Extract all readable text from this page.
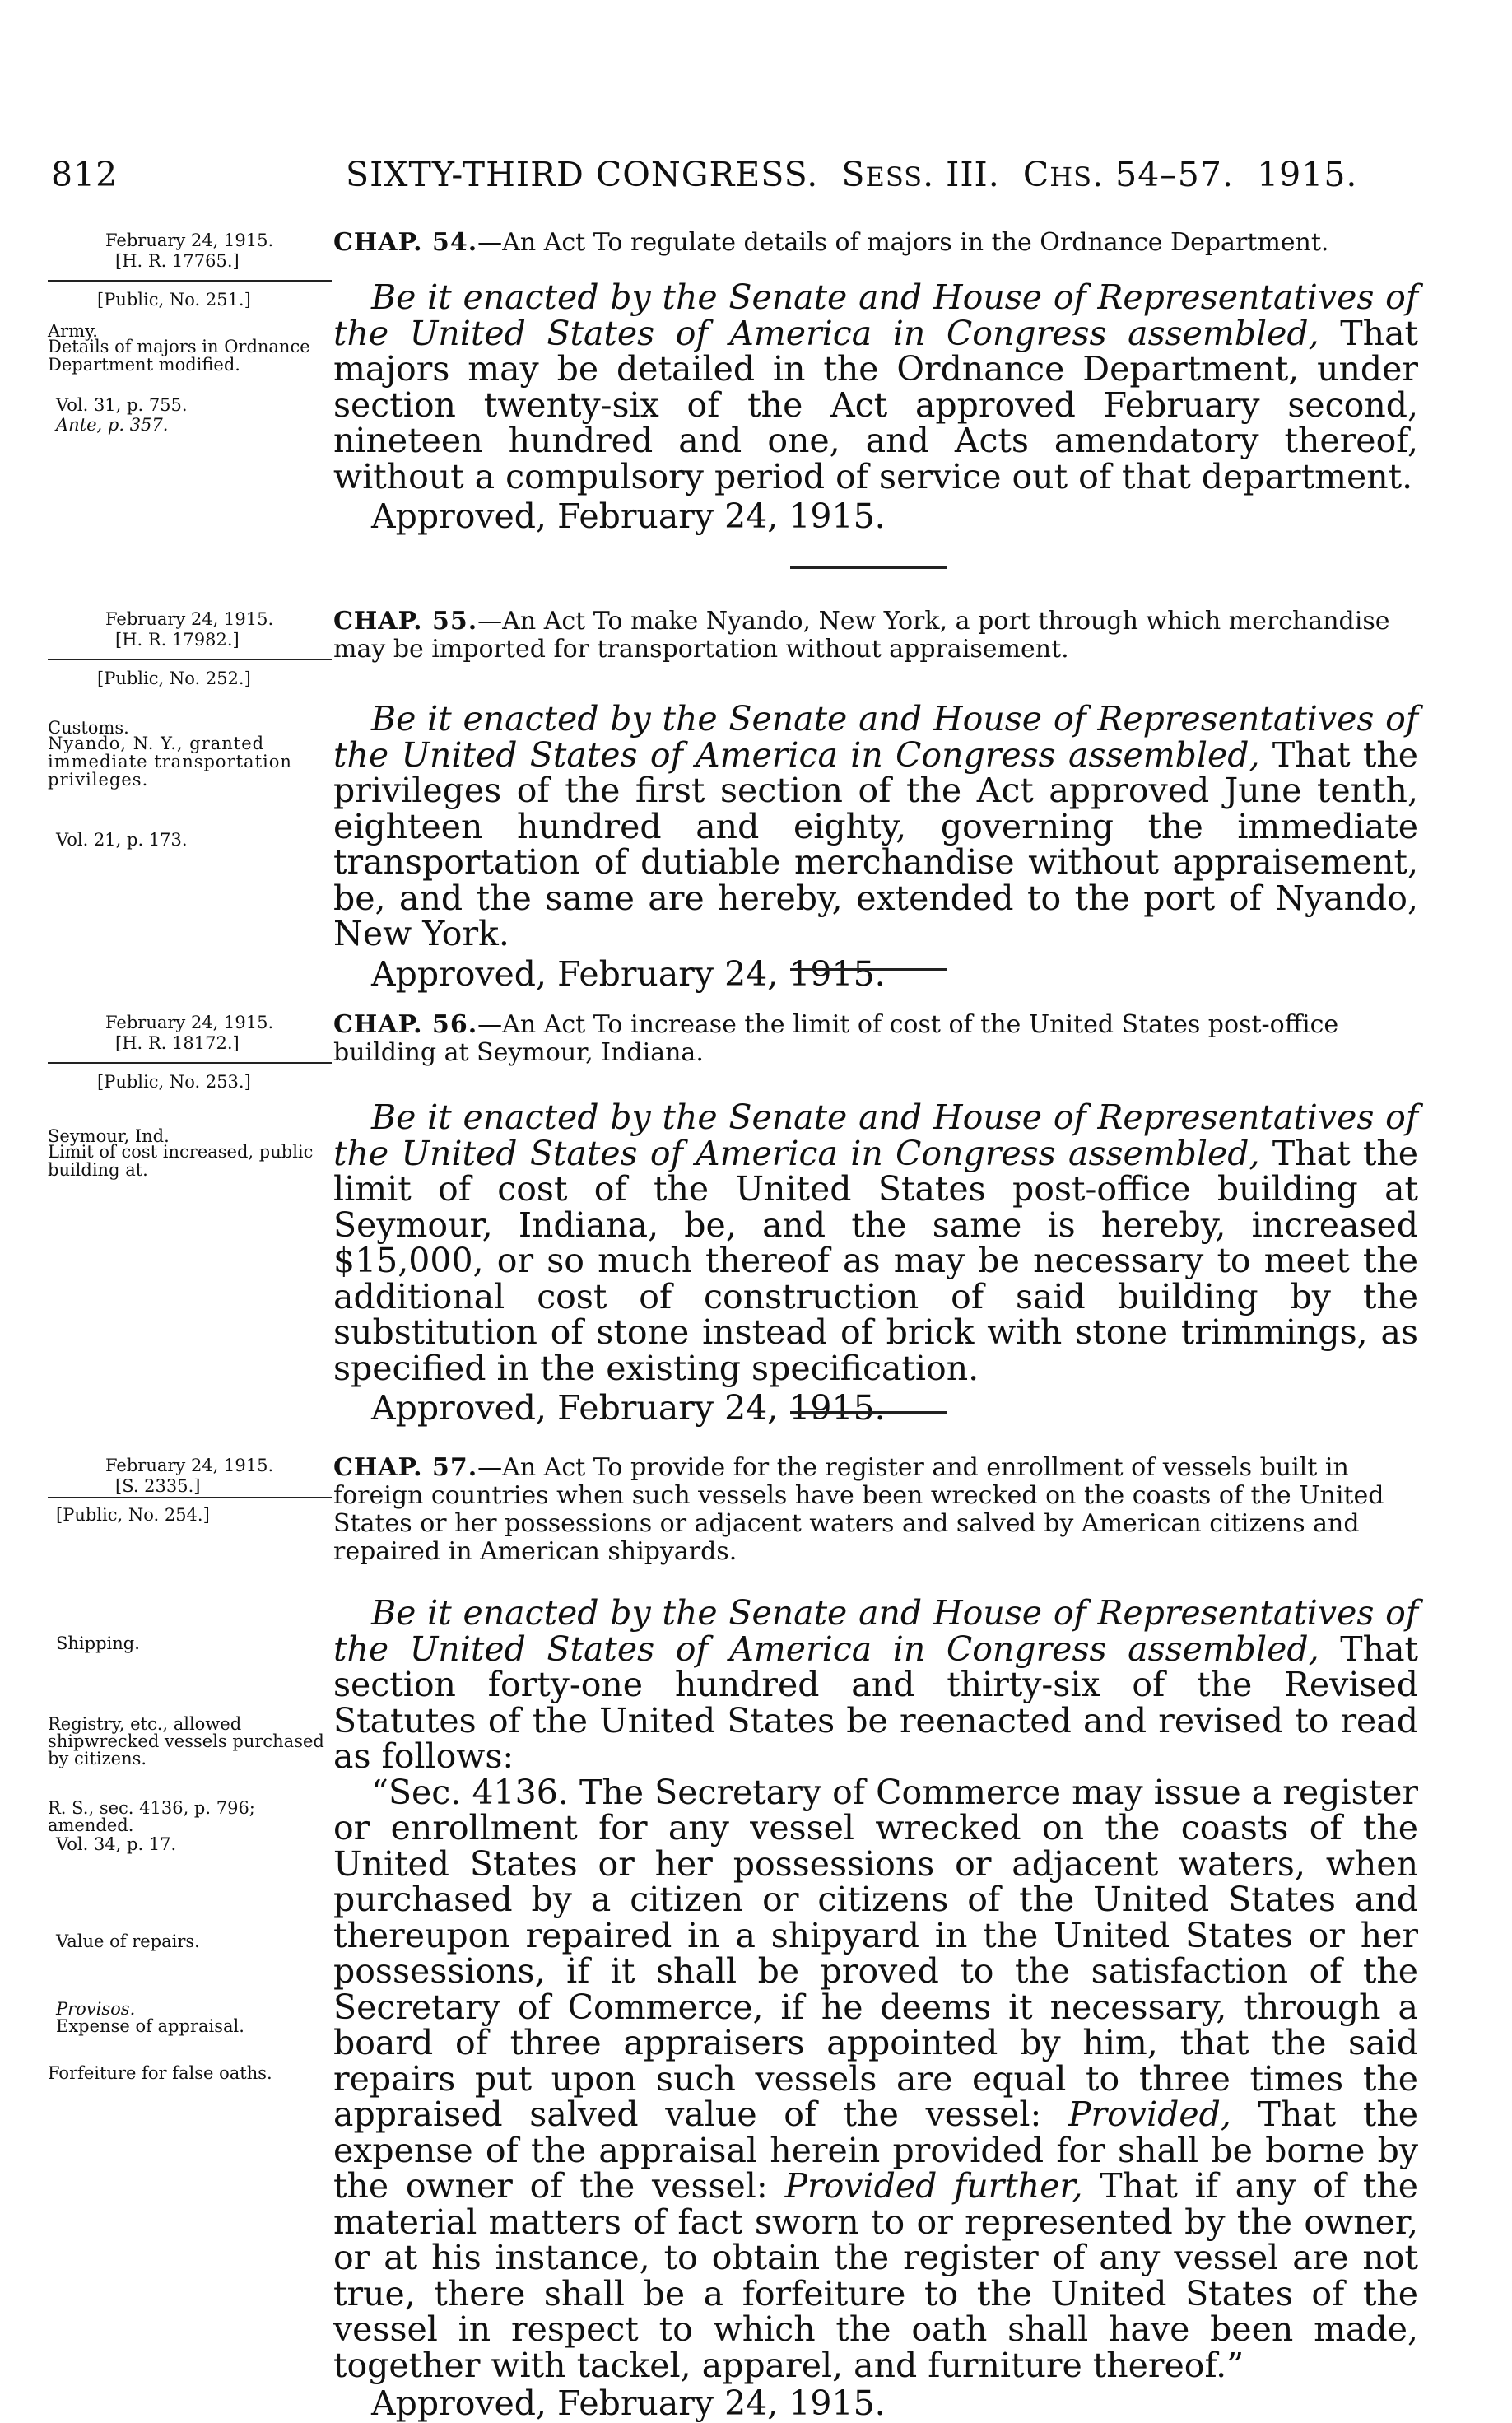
812	SIXTY-THIRD CONGRESS. SESS. III. CHS. 54–57. 1915.
February 24, 1915.
[H. R. 17765.]
[Public, No. 251.]
Army.
Details of majors in Ordnance Department modified.
Vol. 31, p. 755.
Ante, p. 357.
CHAP. 54.—An Act To regulate details of majors in the Ordnance Department.

Be it enacted by the Senate and House of Representatives of the United States of America in Congress assembled, That majors may be detailed in the Ordnance Department, under section twenty-six of the Act approved February second, nineteen hundred and one, and Acts amendatory thereof, without a compulsory period of service out of that department.

Approved, February 24, 1915.

February 24, 1915.
[H. R. 17982.]
[Public, No. 252.]
Customs.
Nyando, N. Y., granted immediate transportation privileges.
Vol. 21, p. 173.
CHAP. 55.—An Act To make Nyando, New York, a port through which merchandise may be imported for transportation without appraisement.

Be it enacted by the Senate and House of Representatives of the United States of America in Congress assembled, That the privileges of the first section of the Act approved June tenth, eighteen hundred and eighty, governing the immediate transportation of dutiable merchandise without appraisement, be, and the same are hereby, extended to the port of Nyando, New York.

Approved, February 24, 1915.

February 24, 1915.
[H. R. 18172.]
[Public, No. 253.]
Seymour, Ind.
Limit of cost increased, public building at.
CHAP. 56.—An Act To increase the limit of cost of the United States post-office building at Seymour, Indiana.

Be it enacted by the Senate and House of Representatives of the United States of America in Congress assembled, That the limit of cost of the United States post-office building at Seymour, Indiana, be, and the same is hereby, increased $15,000, or so much thereof as may be necessary to meet the additional cost of construction of said building by the substitution of stone instead of brick with stone trimmings, as specified in the existing specification.

Approved, February 24, 1915.

February 24, 1915.
[S. 2335.]
[Public, No. 254.]
Shipping.
Registry, etc., allowed shipwrecked vessels purchased by citizens.
R. S., sec. 4136, p. 796; amended.
Vol. 34, p. 17.
Value of repairs.
Provisos.
Expense of appraisal.
Forfeiture for false oaths.
CHAP. 57.—An Act To provide for the register and enrollment of vessels built in foreign countries when such vessels have been wrecked on the coasts of the United States or her possessions or adjacent waters and salved by American citizens and repaired in American shipyards.

Be it enacted by the Senate and House of Representatives of the United States of America in Congress assembled, That section forty-one hundred and thirty-six of the Revised Statutes of the United States be reenacted and revised to read as follows:

“Sec. 4136. The Secretary of Commerce may issue a register or enrollment for any vessel wrecked on the coasts of the United States or her possessions or adjacent waters, when purchased by a citizen or citizens of the United States and thereupon repaired in a shipyard in the United States or her possessions, if it shall be proved to the satisfaction of the Secretary of Commerce, if he deems it necessary, through a board of three appraisers appointed by him, that the said repairs put upon such vessels are equal to three times the appraised salved value of the vessel: Provided, That the expense of the appraisal herein provided for shall be borne by the owner of the vessel: Provided further, That if any of the material matters of fact sworn to or represented by the owner, or at his instance, to obtain the register of any vessel are not true, there shall be a forfeiture to the United States of the vessel in respect to which the oath shall have been made, together with tackel, apparel, and furniture thereof.”

Approved, February 24, 1915.
